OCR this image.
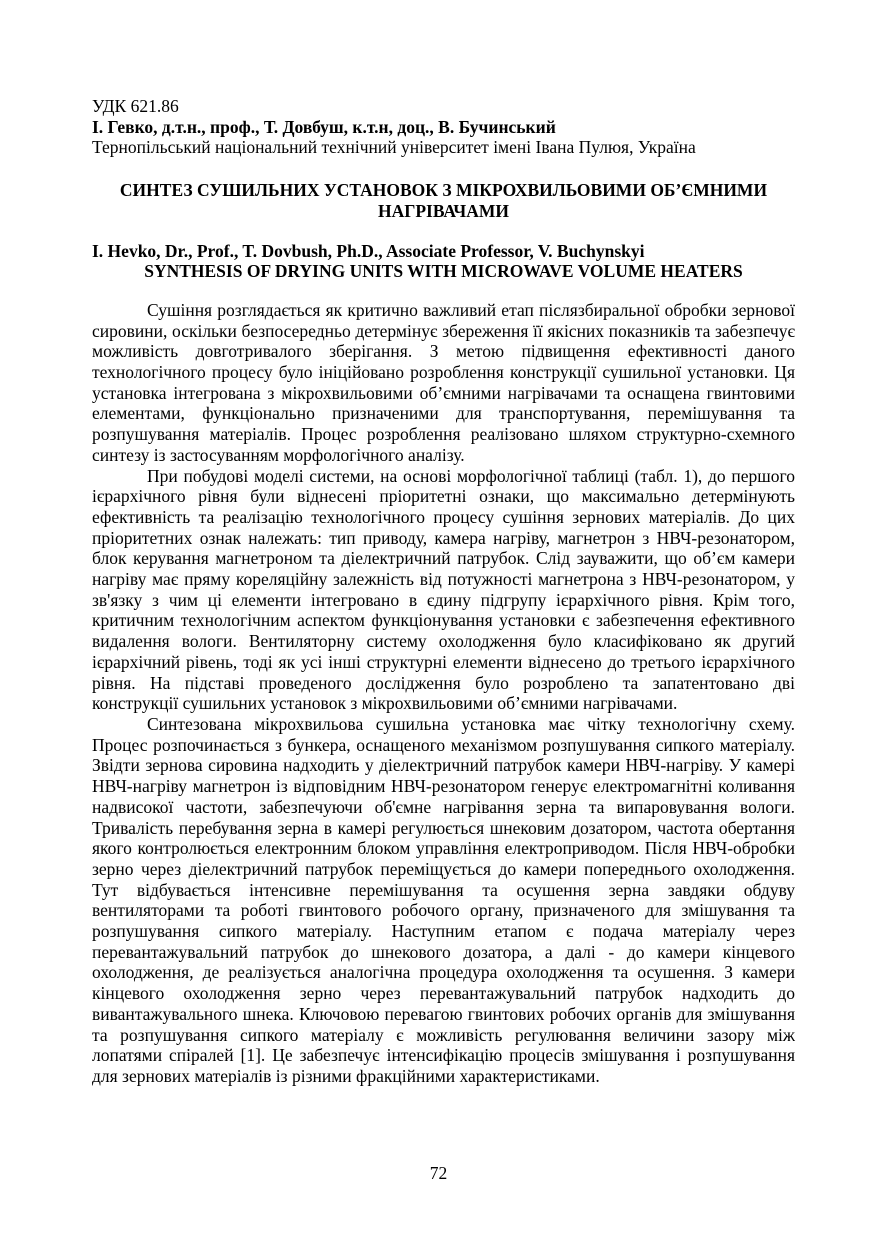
УДК 621.86

І. Гевко, д.т.н., проф., Т. Довбуш, к.т.н, доц., В. Бучинський

Тернопільський національний технічний університет імені Івана Пулюя, Україна

СИНТЕЗ СУШИЛЬНИХ УСТАНОВОК З МІКРОХВИЛЬОВИМИ ОБ’ЄМНИМИ НАГРІВАЧАМИ

I. Hevko, Dr., Prof., T. Dovbush, Ph.D., Associate Professor, V. Buchynskyi

SYNTHESIS OF DRYING UNITS WITH MICROWAVE VOLUME HEATERS

Сушіння розглядається як критично важливий етап післязбиральної обробки зернової сировини, оскільки безпосередньо детермінує збереження її якісних показників та забезпечує можливість довготривалого зберігання. З метою підвищення ефективності даного технологічного процесу було ініційовано розроблення конструкції сушильної установки. Ця установка інтегрована з мікрохвильовими об’ємними нагрівачами та оснащена гвинтовими елементами, функціонально призначеними для транспортування, перемішування та розпушування матеріалів. Процес розроблення реалізовано шляхом структурно-схемного синтезу із застосуванням морфологічного аналізу.

При побудові моделі системи, на основі морфологічної таблиці (табл. 1), до першого ієрархічного рівня були віднесені пріоритетні ознаки, що максимально детермінують ефективність та реалізацію технологічного процесу сушіння зернових матеріалів. До цих пріоритетних ознак належать: тип приводу, камера нагріву, магнетрон з НВЧ-резонатором, блок керування магнетроном та діелектричний патрубок. Слід зауважити, що об’єм камери нагріву має пряму кореляційну залежність від потужності магнетрона з НВЧ-резонатором, у зв'язку з чим ці елементи інтегровано в єдину підгрупу ієрархічного рівня. Крім того, критичним технологічним аспектом функціонування установки є забезпечення ефективного видалення вологи. Вентиляторну систему охолодження було класифіковано як другий ієрархічний рівень, тоді як усі інші структурні елементи віднесено до третього ієрархічного рівня. На підставі проведеного дослідження було розроблено та запатентовано дві конструкції сушильних установок з мікрохвильовими об’ємними нагрівачами.

Синтезована мікрохвильова сушильна установка має чітку технологічну схему. Процес розпочинається з бункера, оснащеного механізмом розпушування сипкого матеріалу. Звідти зернова сировина надходить у діелектричний патрубок камери НВЧ-нагріву. У камері НВЧ-нагріву магнетрон із відповідним НВЧ-резонатором генерує електромагнітні коливання надвисокої частоти, забезпечуючи об'ємне нагрівання зерна та випаровування вологи. Тривалість перебування зерна в камері регулюється шнековим дозатором, частота обертання якого контролюється електронним блоком управління електроприводом. Після НВЧ-обробки зерно через діелектричний патрубок переміщується до камери попереднього охолодження. Тут відбувається інтенсивне перемішування та осушення зерна завдяки обдуву вентиляторами та роботі гвинтового робочого органу, призначеного для змішування та розпушування сипкого матеріалу. Наступним етапом є подача матеріалу через перевантажувальний патрубок до шнекового дозатора, а далі - до камери кінцевого охолодження, де реалізується аналогічна процедура охолодження та осушення. З камери кінцевого охолодження зерно через перевантажувальний патрубок надходить до вивантажувального шнека. Ключовою перевагою гвинтових робочих органів для змішування та розпушування сипкого матеріалу є можливість регулювання величини зазору між лопатями спіралей [1]. Це забезпечує інтенсифікацію процесів змішування і розпушування для зернових матеріалів із різними фракційними характеристиками.

72
